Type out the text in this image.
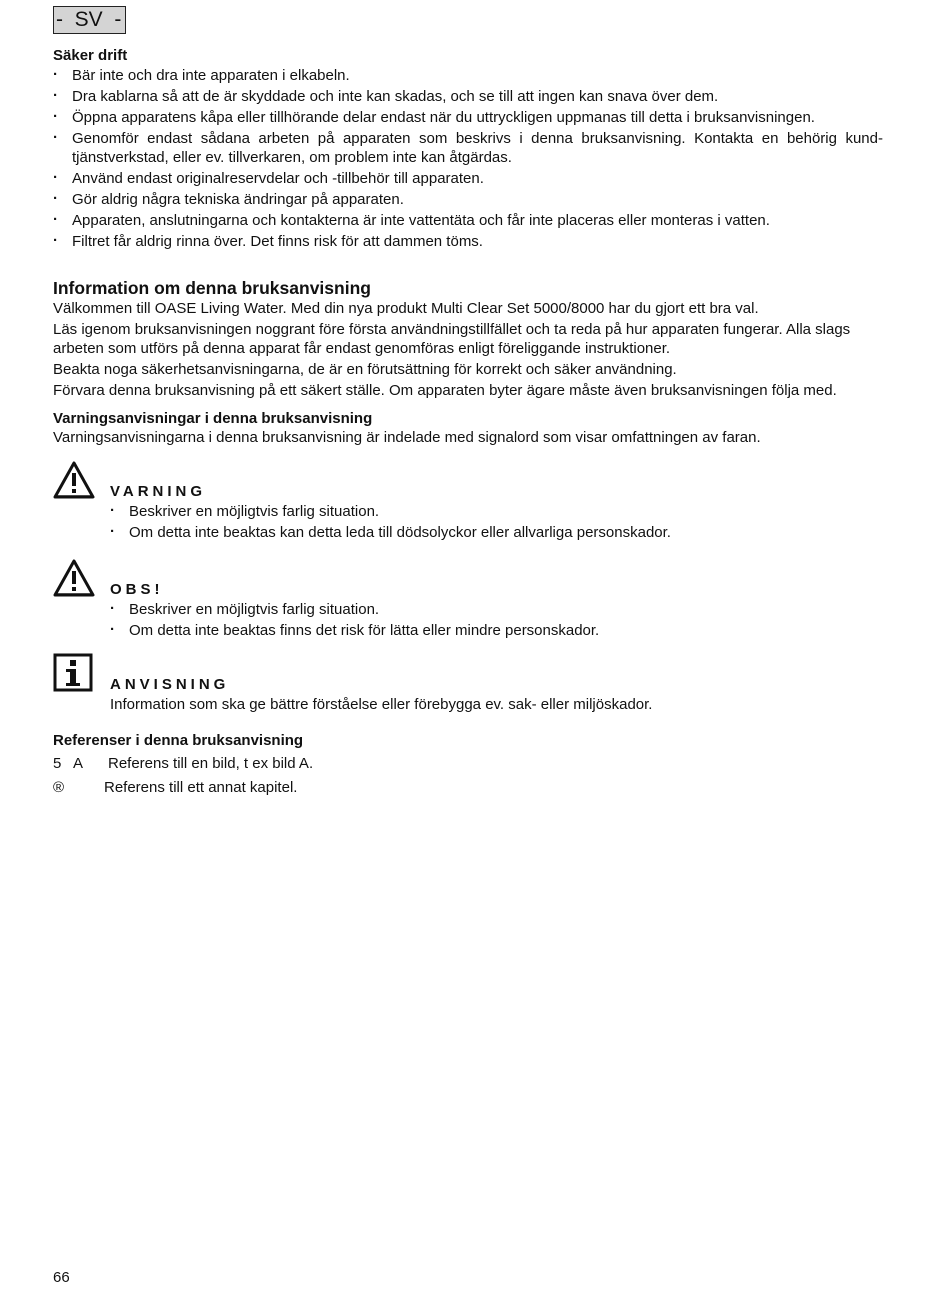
-  SV  -
Säker drift
· Bär inte och dra inte apparaten i elkabeln.
· Dra kablarna så att de är skyddade och inte kan skadas, och se till att ingen kan snava över dem.
· Öppna apparatens kåpa eller tillhörande delar endast när du uttryckligen uppmanas till detta i bruksanvisningen.
· Genomför endast sådana arbeten på apparaten som beskrivs i denna bruksanvisning. Kontakta en behörig kund-tjänstverkstad, eller ev. tillverkaren, om problem inte kan åtgärdas.
· Använd endast originalreservdelar och -tillbehör till apparaten.
· Gör aldrig några tekniska ändringar på apparaten.
· Apparaten, anslutningarna och kontakterna är inte vattentäta och får inte placeras eller monteras i vatten.
· Filtret får aldrig rinna över. Det finns risk för att dammen töms.
Information om denna bruksanvisning
Välkommen till OASE Living Water. Med din nya produkt Multi Clear Set 5000/8000 har du gjort ett bra val.
Läs igenom bruksanvisningen noggrant före första användningstillfället och ta reda på hur apparaten fungerar. Alla slags arbeten som utförs på denna apparat får endast genomföras enligt föreliggande instruktioner.
Beakta noga säkerhetsanvisningarna, de är en förutsättning för korrekt och säker användning.
Förvara denna bruksanvisning på ett säkert ställe. Om apparaten byter ägare måste även bruksanvisningen följa med.
Varningsanvisningar i denna bruksanvisning
Varningsanvisningarna i denna bruksanvisning är indelade med signalord som visar omfattningen av faran.
VARNING
· Beskriver en möjligtvis farlig situation.
· Om detta inte beaktas kan detta leda till dödsolyckor eller allvarliga personskador.
OBS!
· Beskriver en möjligtvis farlig situation.
· Om detta inte beaktas finns det risk för lätta eller mindre personskador.
ANVISNING
Information som ska ge bättre förståelse eller förebygga ev. sak- eller miljöskador.
Referenser i denna bruksanvisning
5   A	Referens till en bild, t ex bild A.
®	Referens till ett annat kapitel.
66
